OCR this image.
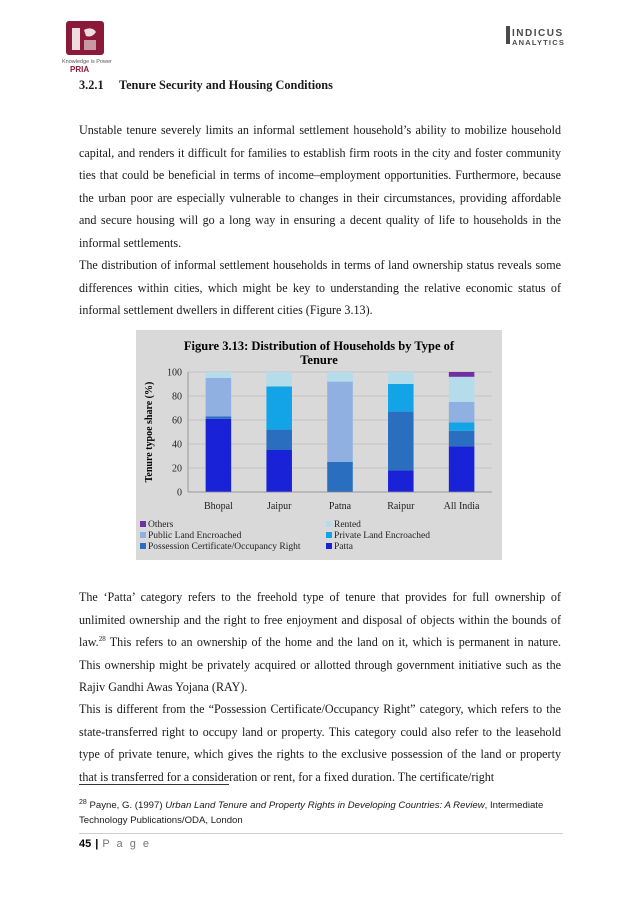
Knowledge is Power
PRIA
INDICUS
ANALYTICS
3.2.1 Tenure Security and Housing Conditions
Unstable tenure severely limits an informal settlement household’s ability to mobilize household capital, and renders it difficult for families to establish firm roots in the city and foster community ties that could be beneficial in terms of income–employment opportunities. Furthermore, because the urban poor are especially vulnerable to changes in their circumstances, providing affordable and secure housing will go a long way in ensuring a decent quality of life to households in the informal settlements.
The distribution of informal settlement households in terms of land ownership status reveals some differences within cities, which might be key to understanding the relative economic status of informal settlement dwellers in different cities (Figure 3.13).
Figure 3.13: Distribution of Households by Type of
Tenure
Tenure typoe share (%)
0
20
40
60
80
100
Bhopal	Jaipur	Patna	Raipur	All India
Others	Rented
Public Land Encroached	Private Land Encroached
Possession Certificate/Occupancy Right	Patta
The ‘Patta’ category refers to the freehold type of tenure that provides for full ownership of unlimited ownership and the right to free enjoyment and disposal of objects within the bounds of law.$^{28}$ This refers to an ownership of the home and the land on it, which is permanent in nature. This ownership might be privately acquired or allotted through government initiative such as the Rajiv Gandhi Awas Yojana (RAY).
This is different from the “Possession Certificate/Occupancy Right” category, which refers to the state-transferred right to occupy land or property. This category could also refer to the leasehold type of private tenure, which gives the rights to the exclusive possession of the land or property that is transferred for a consideration or rent, for a fixed duration. The certificate/right
$^{28}$ Payne, G. (1997) Urban Land Tenure and Property Rights in Developing Countries: A Review, Intermediate Technology Publications/ODA, London
45 | P a g e
